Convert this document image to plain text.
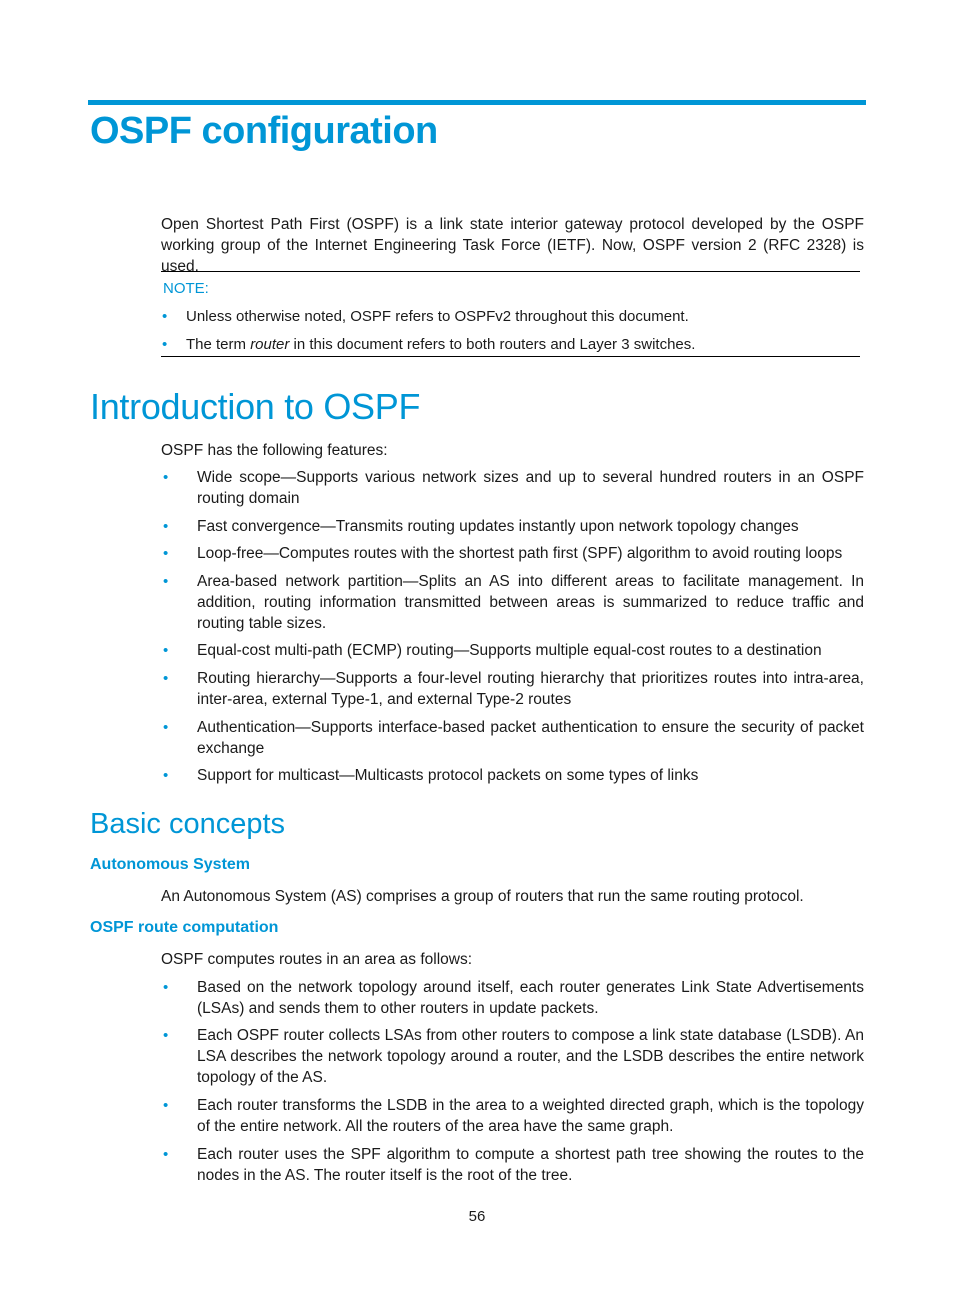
OSPF configuration

Open Shortest Path First (OSPF) is a link state interior gateway protocol developed by the OSPF working group of the Internet Engineering Task Force (IETF). Now, OSPF version 2 (RFC 2328) is used.

NOTE:
• Unless otherwise noted, OSPF refers to OSPFv2 throughout this document.
• The term router in this document refers to both routers and Layer 3 switches.
Introduction to OSPF

OSPF has the following features:

• Wide scope—Supports various network sizes and up to several hundred routers in an OSPF routing domain

• Fast convergence—Transmits routing updates instantly upon network topology changes

• Loop-free—Computes routes with the shortest path first (SPF) algorithm to avoid routing loops

• Area-based network partition—Splits an AS into different areas to facilitate management. In addition, routing information transmitted between areas is summarized to reduce traffic and routing table sizes.

• Equal-cost multi-path (ECMP) routing—Supports multiple equal-cost routes to a destination

• Routing hierarchy—Supports a four-level routing hierarchy that prioritizes routes into intra-area, inter-area, external Type-1, and external Type-2 routes

• Authentication—Supports interface-based packet authentication to ensure the security of packet exchange

• Support for multicast—Multicasts protocol packets on some types of links

Basic concepts
Autonomous System

An Autonomous System (AS) comprises a group of routers that run the same routing protocol.

OSPF route computation

OSPF computes routes in an area as follows:

• Based on the network topology around itself, each router generates Link State Advertisements (LSAs) and sends them to other routers in update packets.

• Each OSPF router collects LSAs from other routers to compose a link state database (LSDB). An LSA describes the network topology around a router, and the LSDB describes the entire network topology of the AS.

• Each router transforms the LSDB in the area to a weighted directed graph, which is the topology of the entire network. All the routers of the area have the same graph.

• Each router uses the SPF algorithm to compute a shortest path tree showing the routes to the nodes in the AS. The router itself is the root of the tree.

56
